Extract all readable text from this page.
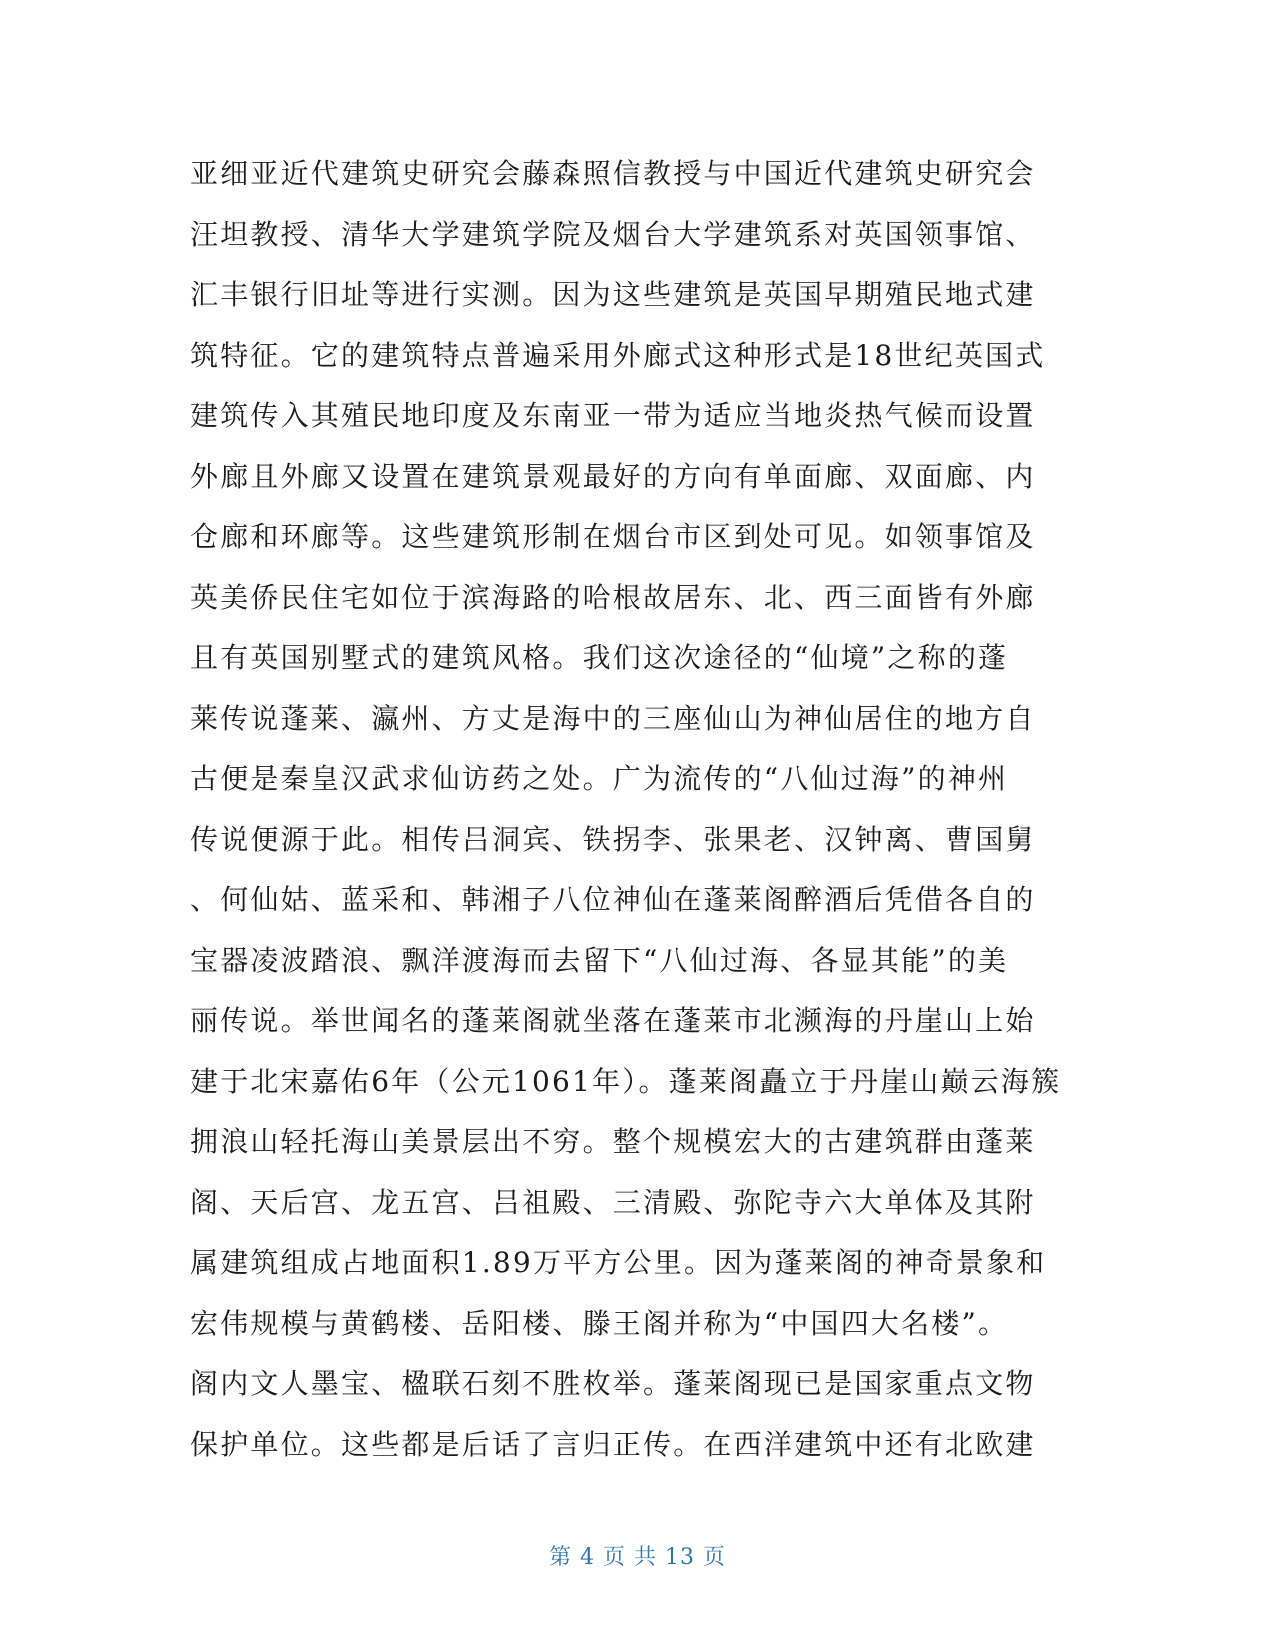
亚细亚近代建筑史研究会藤森照信教授与中国近代建筑史研究会
汪坦教授、清华大学建筑学院及烟台大学建筑系对英国领事馆、
汇丰银行旧址等进行实测。因为这些建筑是英国早期殖民地式建
筑特征。它的建筑特点普遍采用外廊式这种形式是18世纪英国式
建筑传入其殖民地印度及东南亚一带为适应当地炎热气候而设置
外廊且外廊又设置在建筑景观最好的方向有单面廊、双面廊、内
仓廊和环廊等。这些建筑形制在烟台市区到处可见。如领事馆及
英美侨民住宅如位于滨海路的哈根故居东、北、西三面皆有外廊
且有英国别墅式的建筑风格。我们这次途径的“仙境”之称的蓬
莱传说蓬莱、瀛州、方丈是海中的三座仙山为神仙居住的地方自
古便是秦皇汉武求仙访药之处。广为流传的“八仙过海”的神州
传说便源于此。相传吕洞宾、铁拐李、张果老、汉钟离、曹国舅
、何仙姑、蓝采和、韩湘子八位神仙在蓬莱阁醉酒后凭借各自的
宝器凌波踏浪、飘洋渡海而去留下“八仙过海、各显其能”的美
丽传说。举世闻名的蓬莱阁就坐落在蓬莱市北濒海的丹崖山上始
建于北宋嘉佑6年（公元1061年）。蓬莱阁矗立于丹崖山巅云海簇
拥浪山轻托海山美景层出不穷。整个规模宏大的古建筑群由蓬莱
阁、天后宫、龙五宫、吕祖殿、三清殿、弥陀寺六大单体及其附
属建筑组成占地面积1.89万平方公里。因为蓬莱阁的神奇景象和
宏伟规模与黄鹤楼、岳阳楼、滕王阁并称为“中国四大名楼”。
阁内文人墨宝、楹联石刻不胜枚举。蓬莱阁现已是国家重点文物
保护单位。这些都是后话了言归正传。在西洋建筑中还有北欧建
第 4 页 共 13 页
